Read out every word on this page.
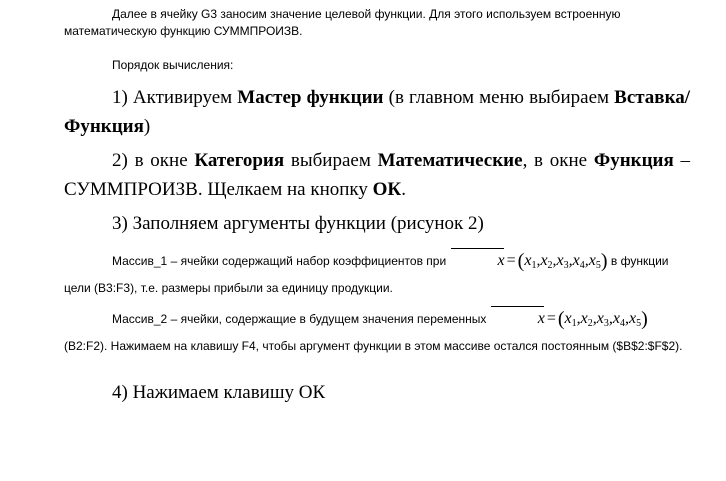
Далее в ячейку G3 заносим значение целевой функции. Для этого используем встроенную математическую функцию СУММПРОИЗВ.
Порядок вычисления:
1) Активируем Мастер функции (в главном меню выбираем Вставка/Функция)
2) в окне Категория выбираем Математические, в окне Функция – СУММПРОИЗВ. Щелкаем на кнопку ОК.
3) Заполняем аргументы функции (рисунок 2)
Массив_1 – ячейки содержащий набор коэффициентов при	$x = (x_1,x_2,x_3,x_4,x_5)$ в функции цели (B3:F3), т.е. размеры прибыли за единицу продукции.
Массив_2 – ячейки, содержащие в будущем значения переменных	$x = (x_1,x_2,x_3,x_4,x_5)$ (B2:F2). Нажимаем на клавишу F4, чтобы аргумент функции в этом массиве остался постоянным ($B$2:$F$2).
4) Нажимаем клавишу ОК
